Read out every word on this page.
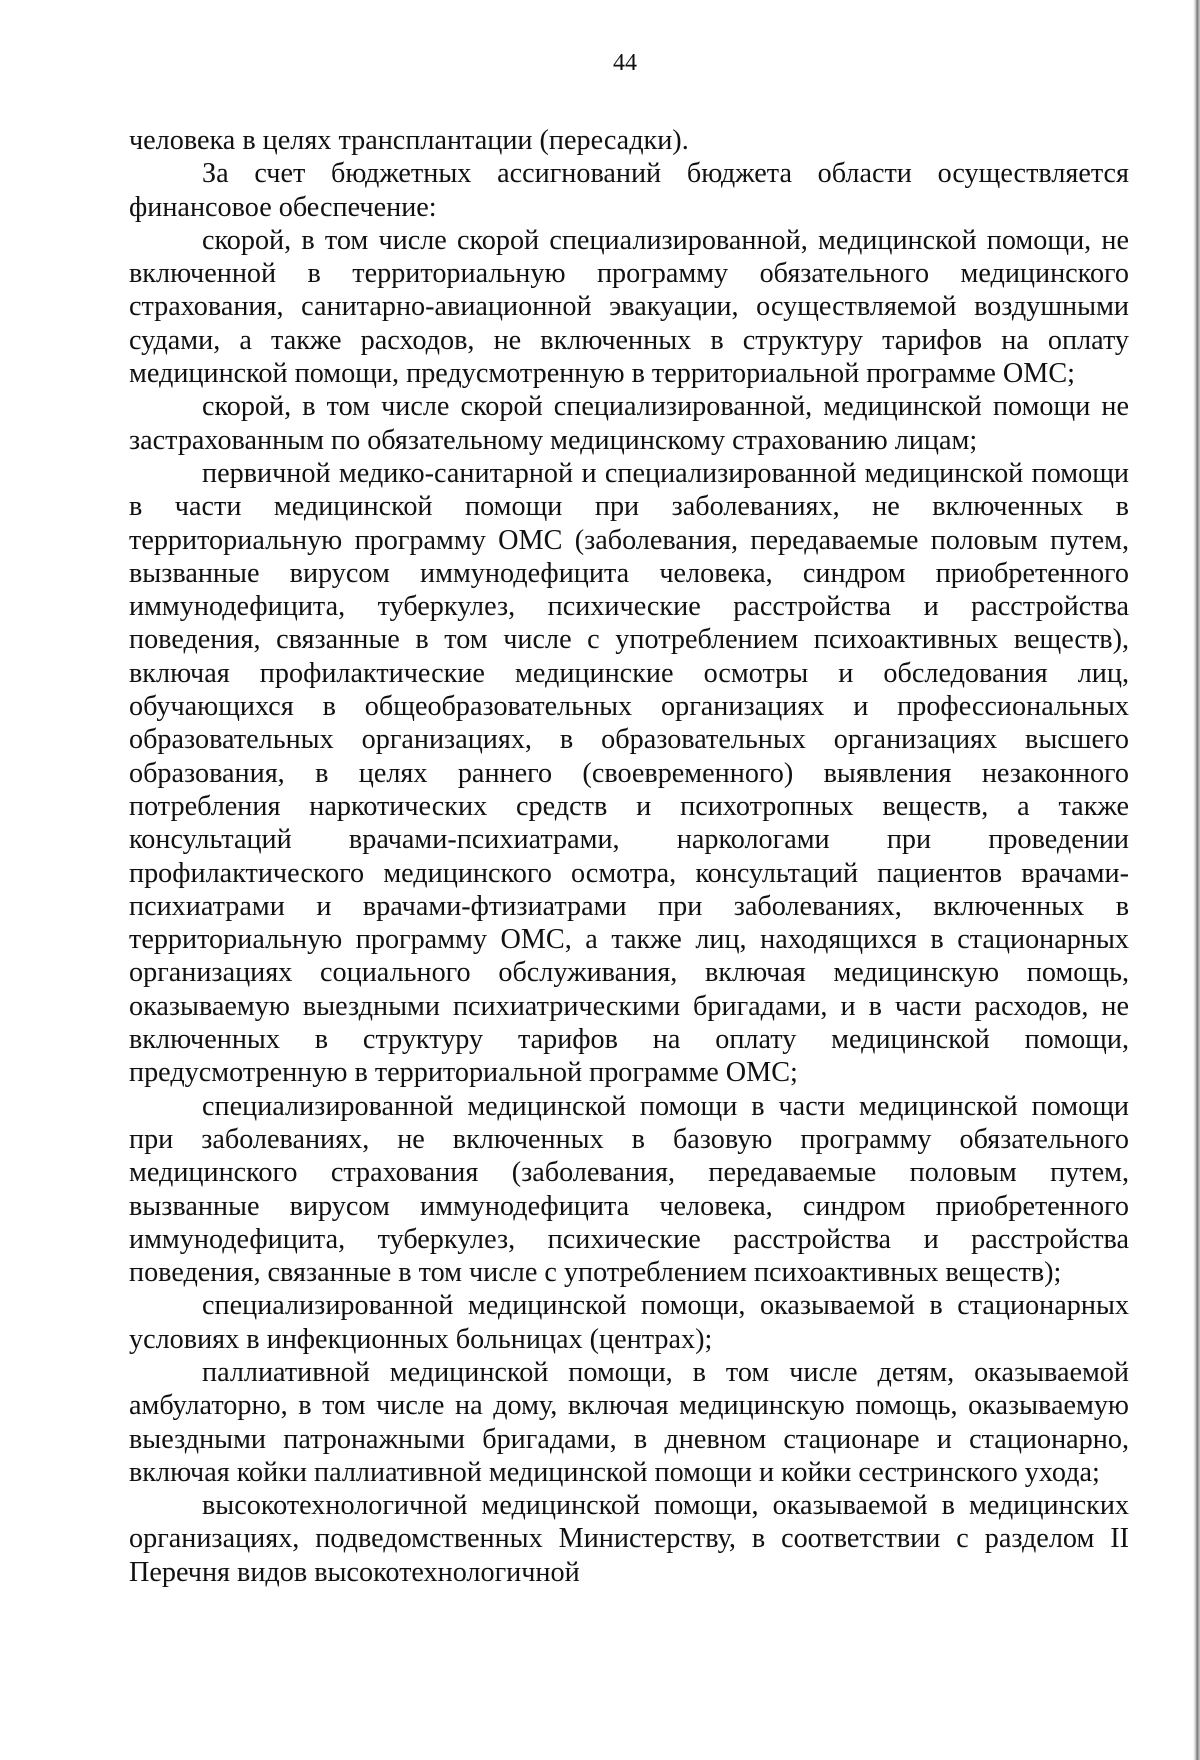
44

человека в целях трансплантации (пересадки).

За счет бюджетных ассигнований бюджета области осуществляется финансовое обеспечение:

скорой, в том числе скорой специализированной, медицинской помощи, не включенной в территориальную программу обязательного медицинского страхования, санитарно-авиационной эвакуации, осуществляемой воздушными судами, а также расходов, не включенных в структуру тарифов на оплату медицинской помощи, предусмотренную в территориальной программе ОМС;

скорой, в том числе скорой специализированной, медицинской помощи не застрахованным по обязательному медицинскому страхованию лицам;

первичной медико-санитарной и специализированной медицинской помощи в части медицинской помощи при заболеваниях, не включенных в территориальную программу ОМС (заболевания, передаваемые половым путем, вызванные вирусом иммунодефицита человека, синдром приобретенного иммунодефицита, туберкулез, психические расстройства и расстройства поведения, связанные в том числе с употреблением психоактивных веществ), включая профилактические медицинские осмотры и обследования лиц, обучающихся в общеобразовательных организациях и профессиональных образовательных организациях, в образовательных организациях высшего образования, в целях раннего (своевременного) выявления незаконного потребления наркотических средств и психотропных веществ, а также консультаций врачами-психиатрами, наркологами при проведении профилактического медицинского осмотра, консультаций пациентов врачами-психиатрами и врачами-фтизиатрами при заболеваниях, включенных в территориальную программу ОМС, а также лиц, находящихся в стационарных организациях социального обслуживания, включая медицинскую помощь, оказываемую выездными психиатрическими бригадами, и в части расходов, не включенных в структуру тарифов на оплату медицинской помощи, предусмотренную в территориальной программе ОМС;

специализированной медицинской помощи в части медицинской помощи при заболеваниях, не включенных в базовую программу обязательного медицинского страхования (заболевания, передаваемые половым путем, вызванные вирусом иммунодефицита человека, синдром приобретенного иммунодефицита, туберкулез, психические расстройства и расстройства поведения, связанные в том числе с употреблением психоактивных веществ);

специализированной медицинской помощи, оказываемой в стационарных условиях в инфекционных больницах (центрах);

паллиативной медицинской помощи, в том числе детям, оказываемой амбулаторно, в том числе на дому, включая медицинскую помощь, оказываемую выездными патронажными бригадами, в дневном стационаре и стационарно, включая койки паллиативной медицинской помощи и койки сестринского ухода;

высокотехнологичной медицинской помощи, оказываемой в медицинских организациях, подведомственных Министерству, в соответствии с разделом II Перечня видов высокотехнологичной
